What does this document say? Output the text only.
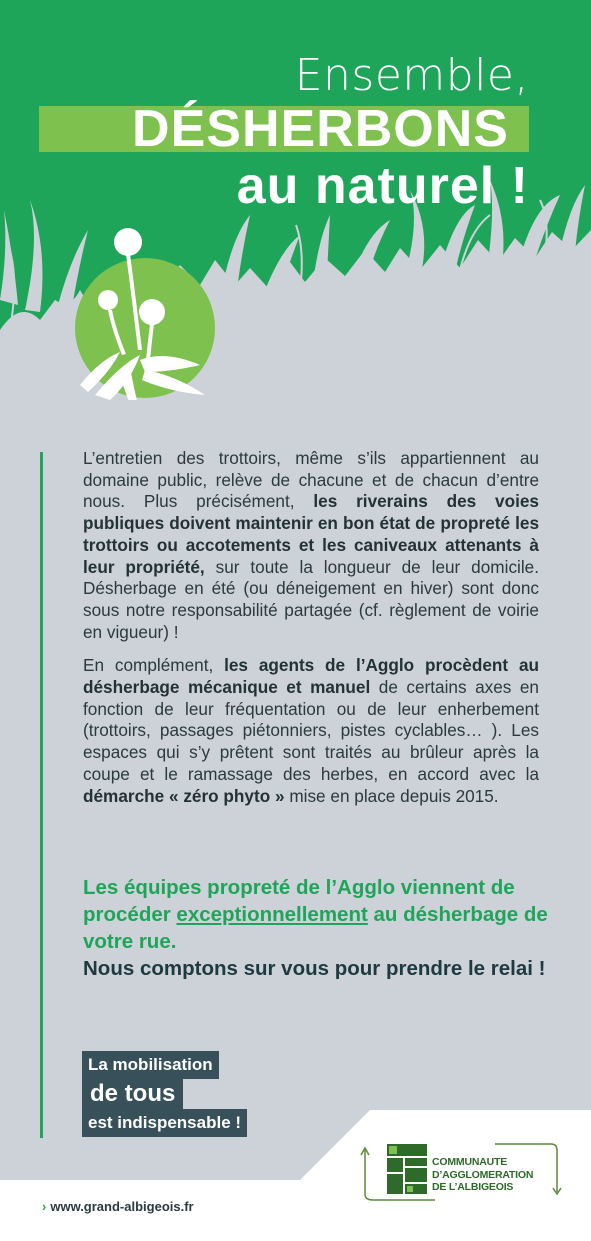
Ensemble,
DÉSHERBONS
au naturel !

L’entretien des trottoirs, même s’ils appartiennent au domaine public, relève de chacune et de chacun d’entre nous. Plus précisément, les riverains des voies publiques doivent maintenir en bon état de propreté les trottoirs ou accotements et les caniveaux attenants à leur propriété, sur toute la longueur de leur domicile. Désherbage en été (ou déneigement en hiver) sont donc sous notre responsabilité partagée (cf. règlement de voirie en vigueur) !

En complément, les agents de l’Agglo procèdent au désherbage mécanique et manuel de certains axes en fonction de leur fréquentation ou de leur enherbement (trottoirs, passages piétonniers, pistes cyclables… ). Les espaces qui s’y prêtent sont traités au brûleur après la coupe et le ramassage des herbes, en accord avec la démarche « zéro phyto » mise en place depuis 2015.

Les équipes propreté de l’Agglo viennent de procéder exceptionnellement au désherbage de votre rue.
Nous comptons sur vous pour prendre le relai !
La mobilisation
de tous
est indispensable !
› www.grand-albigeois.fr
COMMUNAUTE
D’AGGLOMERATION
DE L’ALBIGEOIS
